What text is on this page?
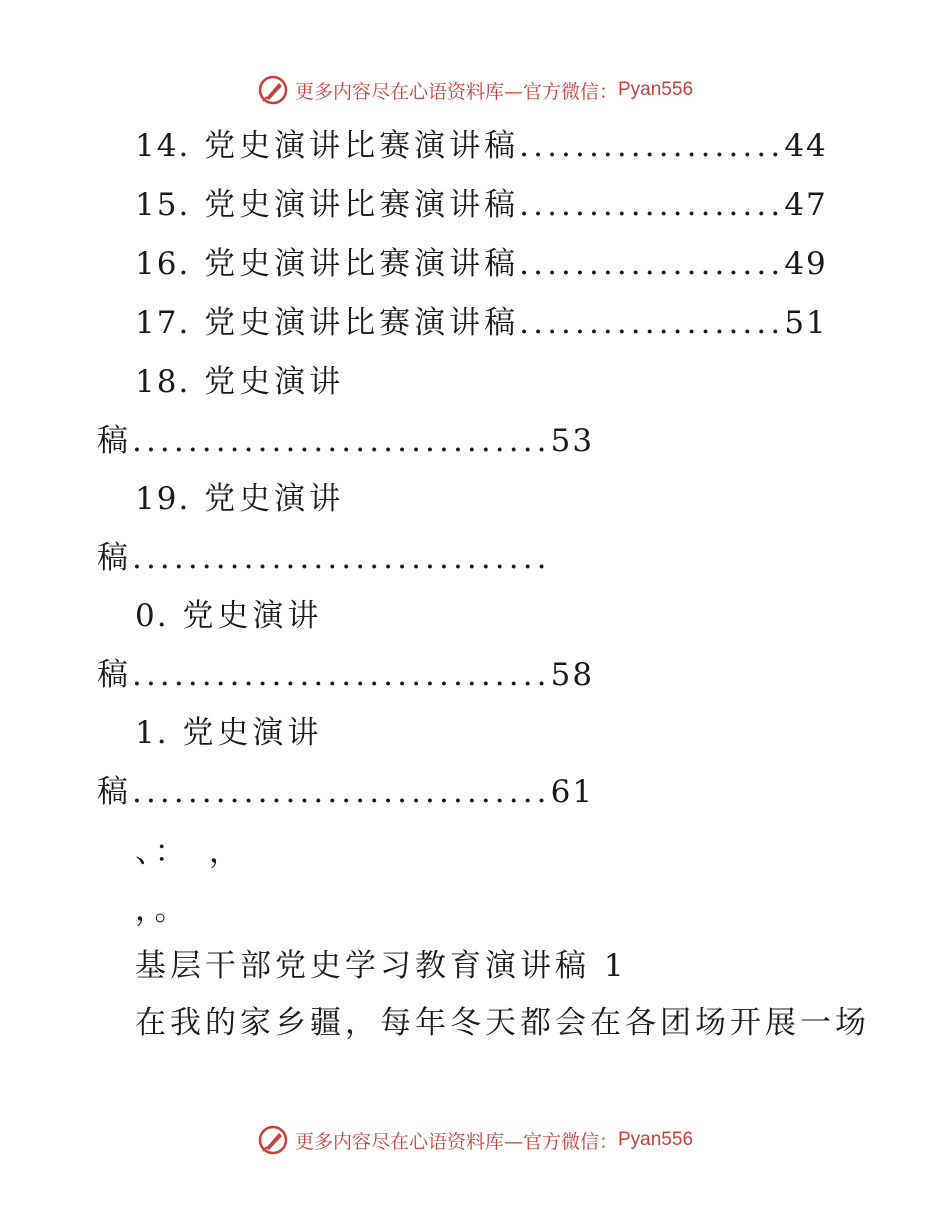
更多内容尽在心语资料库—官方微信： Pyan556
14. 党史演讲比赛演讲稿...................44
15. 党史演讲比赛演讲稿...................47
16. 党史演讲比赛演讲稿...................49
17. 党史演讲比赛演讲稿...................51
18. 党史演讲
稿..............................53
19. 党史演讲
稿..............................
0. 党史演讲
稿..............................58
1. 党史演讲
稿..............................61
、：　，
，。
基层干部党史学习教育演讲稿 1
在我的家乡疆，每年冬天都会在各团场开展一场
更多内容尽在心语资料库—官方微信： Pyan556
